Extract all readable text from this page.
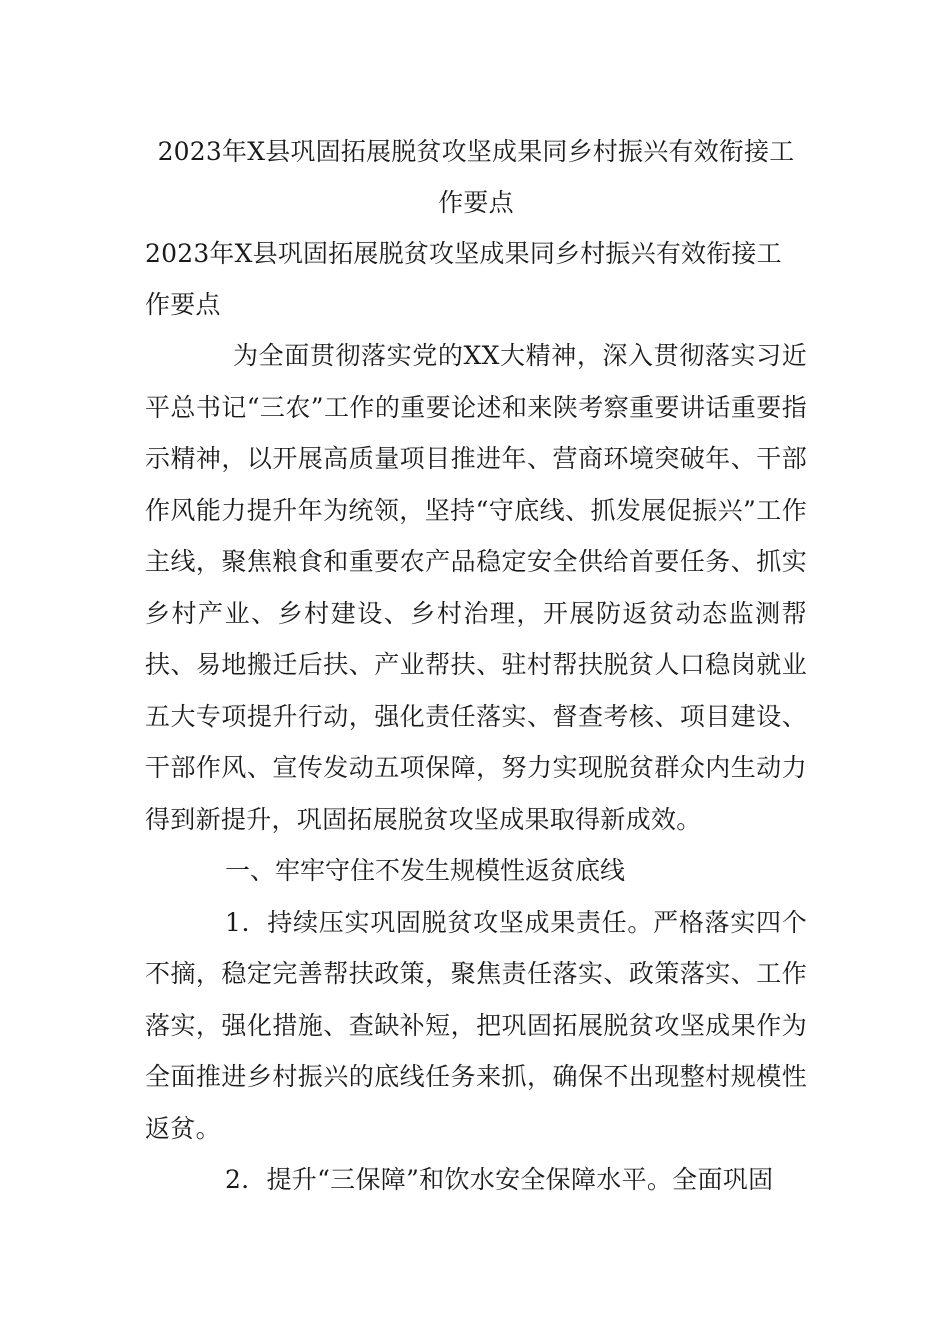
2023年X县巩固拓展脱贫攻坚成果同乡村振兴有效衔接工作要点

2023年X县巩固拓展脱贫攻坚成果同乡村振兴有效衔接工作要点

为全面贯彻落实党的XX大精神，深入贯彻落实习近平总书记“三农”工作的重要论述和来陕考察重要讲话重要指示精神，以开展高质量项目推进年、营商环境突破年、干部作风能力提升年为统领，坚持“守底线、抓发展促振兴”工作主线，聚焦粮食和重要农产品稳定安全供给首要任务、抓实乡村产业、乡村建设、乡村治理，开展防返贫动态监测帮扶、易地搬迁后扶、产业帮扶、驻村帮扶脱贫人口稳岗就业五大专项提升行动，强化责任落实、督查考核、项目建设、干部作风、宣传发动五项保障，努力实现脱贫群众内生动力得到新提升，巩固拓展脱贫攻坚成果取得新成效。

一、牢牢守住不发生规模性返贫底线

1．持续压实巩固脱贫攻坚成果责任。严格落实四个不摘，稳定完善帮扶政策，聚焦责任落实、政策落实、工作落实，强化措施、查缺补短，把巩固拓展脱贫攻坚成果作为全面推进乡村振兴的底线任务来抓，确保不出现整村规模性返贫。

2．提升“三保障”和饮水安全保障水平。全面巩固
